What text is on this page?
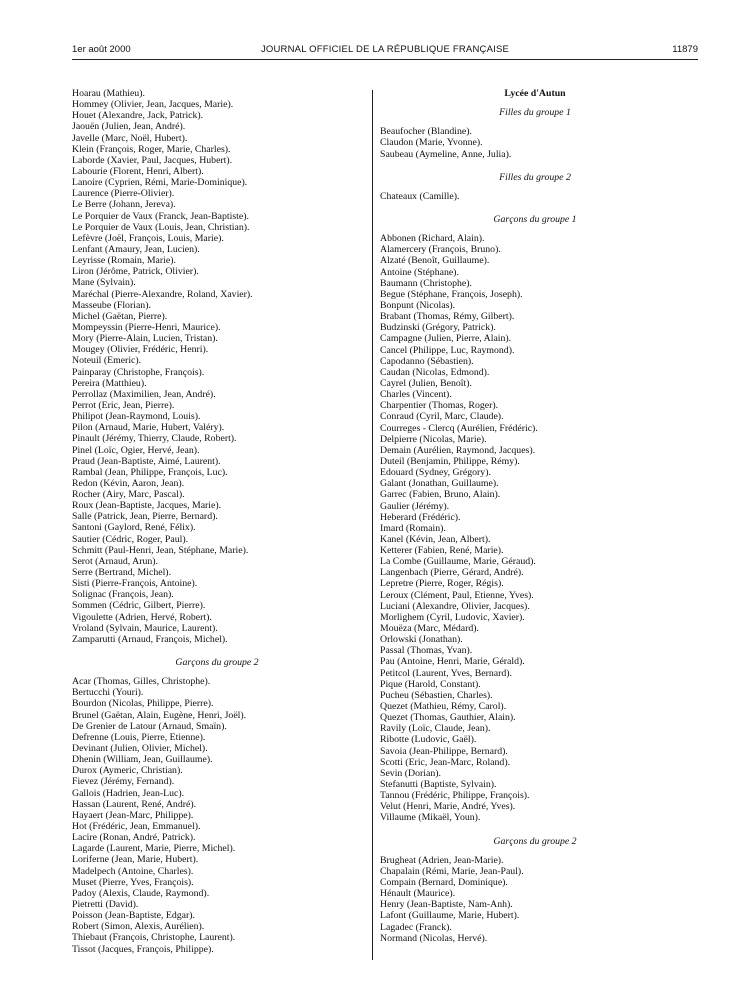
1er août 2000	JOURNAL OFFICIEL DE LA RÉPUBLIQUE FRANÇAISE	11879
Hoarau (Mathieu).
Hommey (Olivier, Jean, Jacques, Marie).
Houet (Alexandre, Jack, Patrick).
Jaouën (Julien, Jean, André).
Javelle (Marc, Noël, Hubert).
Klein (François, Roger, Marie, Charles).
Laborde (Xavier, Paul, Jacques, Hubert).
Labourie (Florent, Henri, Albert).
Lanoire (Cyprien, Rémi, Marie-Dominique).
Laurence (Pierre-Olivier).
Le Berre (Johann, Jereva).
Le Porquier de Vaux (Franck, Jean-Baptiste).
Le Porquier de Vaux (Louis, Jean, Christian).
Lefèvre (Joël, François, Louis, Marie).
Lenfant (Amaury, Jean, Lucien).
Leyrisse (Romain, Marie).
Liron (Jérôme, Patrick, Olivier).
Mane (Sylvain).
Maréchal (Pierre-Alexandre, Roland, Xavier).
Masseube (Florian).
Michel (Gaëtan, Pierre).
Mompeyssin (Pierre-Henri, Maurice).
Mory (Pierre-Alain, Lucien, Tristan).
Mougey (Olivier, Frédéric, Henri).
Noteuil (Emeric).
Painparay (Christophe, François).
Pereira (Matthieu).
Perrollaz (Maximilien, Jean, André).
Perrot (Eric, Jean, Pierre).
Philipot (Jean-Raymond, Louis).
Pilon (Arnaud, Marie, Hubert, Valéry).
Pinault (Jérémy, Thierry, Claude, Robert).
Pinel (Loïc, Ogier, Hervé, Jean).
Praud (Jean-Baptiste, Aimé, Laurent).
Rambal (Jean, Philippe, François, Luc).
Redon (Kévin, Aaron, Jean).
Rocher (Airy, Marc, Pascal).
Roux (Jean-Baptiste, Jacques, Marie).
Salle (Patrick, Jean, Pierre, Bernard).
Santoni (Gaylord, René, Félix).
Sautier (Cédric, Roger, Paul).
Schmitt (Paul-Henri, Jean, Stéphane, Marie).
Serot (Arnaud, Arun).
Serre (Bertrand, Michel).
Sisti (Pierre-François, Antoine).
Solignac (François, Jean).
Sommen (Cédric, Gilbert, Pierre).
Vigoulette (Adrien, Hervé, Robert).
Vroland (Sylvain, Maurice, Laurent).
Zamparutti (Arnaud, François, Michel).
Garçons du groupe 2
Acar (Thomas, Gilles, Christophe).
Bertucchi (Youri).
Bourdon (Nicolas, Philippe, Pierre).
Brunel (Gaëtan, Alain, Eugène, Henri, Joël).
De Grenier de Latour (Arnaud, Smaïn).
Defrenne (Louis, Pierre, Etienne).
Devinant (Julien, Olivier, Michel).
Dhenin (William, Jean, Guillaume).
Durox (Aymeric, Christian).
Fievez (Jérémy, Fernand).
Gallois (Hadrien, Jean-Luc).
Hassan (Laurent, René, André).
Hayaert (Jean-Marc, Philippe).
Hot (Frédéric, Jean, Emmanuel).
Lacire (Ronan, André, Patrick).
Lagarde (Laurent, Marie, Pierre, Michel).
Loriferne (Jean, Marie, Hubert).
Madelpech (Antoine, Charles).
Muset (Pierre, Yves, François).
Padoy (Alexis, Claude, Raymond).
Pietretti (David).
Poisson (Jean-Baptiste, Edgar).
Robert (Simon, Alexis, Aurélien).
Thiebaut (François, Christophe, Laurent).
Tissot (Jacques, François, Philippe).
Lycée d'Autun
Filles du groupe 1
Beaufocher (Blandine).
Claudon (Marie, Yvonne).
Saubeau (Aymeline, Anne, Julia).
Filles du groupe 2
Chateaux (Camille).
Garçons du groupe 1
Abbonen (Richard, Alain).
Alamercery (François, Bruno).
Alzaté (Benoît, Guillaume).
Antoine (Stéphane).
Baumann (Christophe).
Begue (Stéphane, François, Joseph).
Bonpunt (Nicolas).
Brabant (Thomas, Rémy, Gilbert).
Budzinski (Grégory, Patrick).
Campagne (Julien, Pierre, Alain).
Cancel (Philippe, Luc, Raymond).
Capodanno (Sébastien).
Caudan (Nicolas, Edmond).
Cayrel (Julien, Benoît).
Charles (Vincent).
Charpentier (Thomas, Roger).
Conraud (Cyril, Marc, Claude).
Courreges - Clercq (Aurélien, Frédéric).
Delpierre (Nicolas, Marie).
Demain (Aurélien, Raymond, Jacques).
Duteil (Benjamin, Philippe, Rémy).
Edouard (Sydney, Grégory).
Galant (Jonathan, Guillaume).
Garrec (Fabien, Bruno, Alain).
Gaulier (Jérémy).
Heberard (Frédéric).
Imard (Romain).
Kanel (Kévin, Jean, Albert).
Ketterer (Fabien, René, Marie).
La Combe (Guillaume, Marie, Géraud).
Langenbach (Pierre, Gérard, André).
Lepretre (Pierre, Roger, Régis).
Leroux (Clément, Paul, Etienne, Yves).
Luciani (Alexandre, Olivier, Jacques).
Morlighem (Cyril, Ludovic, Xavier).
Mouëza (Marc, Médard).
Orlowski (Jonathan).
Passal (Thomas, Yvan).
Pau (Antoine, Henri, Marie, Gérald).
Petitcol (Laurent, Yves, Bernard).
Pique (Harold, Constant).
Pucheu (Sébastien, Charles).
Quezet (Mathieu, Rémy, Carol).
Quezet (Thomas, Gauthier, Alain).
Ravily (Loïc, Claude, Jean).
Ribotte (Ludovic, Gaël).
Savoia (Jean-Philippe, Bernard).
Scotti (Eric, Jean-Marc, Roland).
Sevin (Dorian).
Stefanutti (Baptiste, Sylvain).
Tannou (Frédéric, Philippe, François).
Velut (Henri, Marie, André, Yves).
Villaume (Mikaël, Youn).
Garçons du groupe 2
Brugheat (Adrien, Jean-Marie).
Chapalain (Rémi, Marie, Jean-Paul).
Compain (Bernard, Dominique).
Hénault (Maurice).
Henry (Jean-Baptiste, Nam-Anh).
Lafont (Guillaume, Marie, Hubert).
Lagadec (Franck).
Normand (Nicolas, Hervé).
